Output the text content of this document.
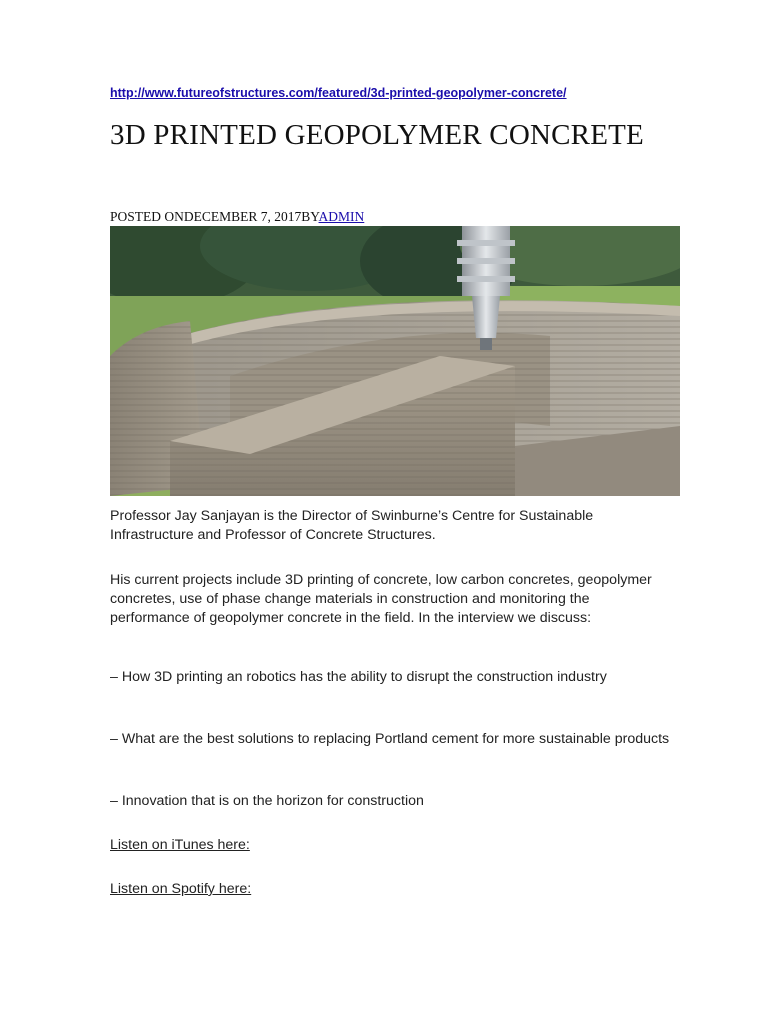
http://www.futureofstructures.com/featured/3d-printed-geopolymer-concrete/
3D PRINTED GEOPOLYMER CONCRETE
POSTED ONDECEMBER 7, 2017BYADMIN

Professor Jay Sanjayan is the Director of Swinburne’s Centre for Sustainable Infrastructure and Professor of Concrete Structures.

His current projects include 3D printing of concrete, low carbon concretes, geopolymer concretes, use of phase change materials in construction and monitoring the performance of geopolymer concrete in the field. In the interview we discuss:

– How 3D printing an robotics has the ability to disrupt the construction industry

– What are the best solutions to replacing Portland cement for more sustainable products

– Innovation that is on the horizon for construction

Listen on iTunes here:
Listen on Spotify here:
